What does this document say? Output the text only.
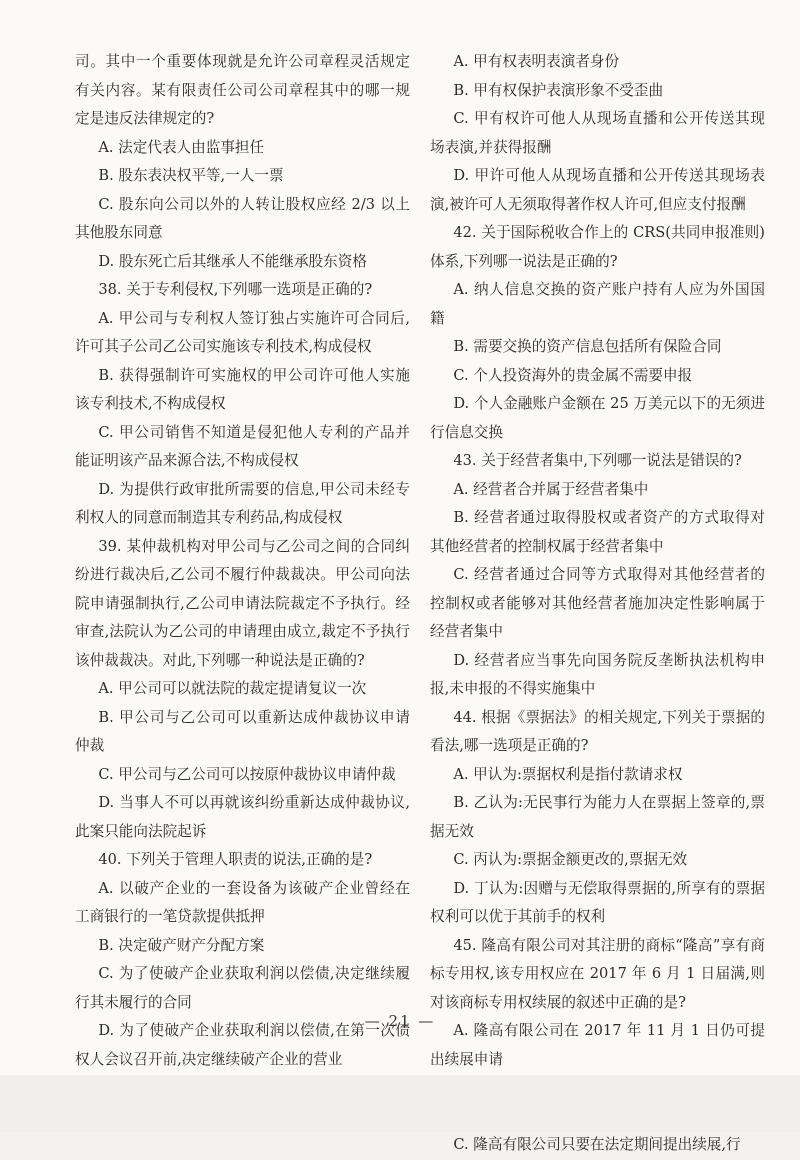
司。其中一个重要体现就是允许公司章程灵活规定有关内容。某有限责任公司公司章程其中的哪一规定是违反法律规定的?

A. 法定代表人由监事担任

B. 股东表决权平等,一人一票

C. 股东向公司以外的人转让股权应经 2/3 以上其他股东同意

D. 股东死亡后其继承人不能继承股东资格

38. 关于专利侵权,下列哪一选项是正确的?

A. 甲公司与专利权人签订独占实施许可合同后,许可其子公司乙公司实施该专利技术,构成侵权

B. 获得强制许可实施权的甲公司许可他人实施该专利技术,不构成侵权

C. 甲公司销售不知道是侵犯他人专利的产品并能证明该产品来源合法,不构成侵权

D. 为提供行政审批所需要的信息,甲公司未经专利权人的同意而制造其专利药品,构成侵权

39. 某仲裁机构对甲公司与乙公司之间的合同纠纷进行裁决后,乙公司不履行仲裁裁决。甲公司向法院申请强制执行,乙公司申请法院裁定不予执行。经审查,法院认为乙公司的申请理由成立,裁定不予执行该仲裁裁决。对此,下列哪一种说法是正确的?

A. 甲公司可以就法院的裁定提请复议一次

B. 甲公司与乙公司可以重新达成仲裁协议申请仲裁

C. 甲公司与乙公司可以按原仲裁协议申请仲裁

D. 当事人不可以再就该纠纷重新达成仲裁协议,此案只能向法院起诉

40. 下列关于管理人职责的说法,正确的是?

A. 以破产企业的一套设备为该破产企业曾经在工商银行的一笔贷款提供抵押

B. 决定破产财产分配方案

C. 为了使破产企业获取利润以偿债,决定继续履行其未履行的合同

D. 为了使破产企业获取利润以偿债,在第一次债权人会议召开前,决定继续破产企业的营业

A. 甲有权表明表演者身份

B. 甲有权保护表演形象不受歪曲

C. 甲有权许可他人从现场直播和公开传送其现场表演,并获得报酬

D. 甲许可他人从现场直播和公开传送其现场表演,被许可人无须取得著作权人许可,但应支付报酬

42. 关于国际税收合作上的 CRS(共同申报准则)体系,下列哪一说法是正确的?

A. 纳人信息交换的资产账户持有人应为外国国籍

B. 需要交换的资产信息包括所有保险合同

C. 个人投资海外的贵金属不需要申报

D. 个人金融账户金额在 25 万美元以下的无须进行信息交换

43. 关于经营者集中,下列哪一说法是错误的?

A. 经营者合并属于经营者集中

B. 经营者通过取得股权或者资产的方式取得对其他经营者的控制权属于经营者集中

C. 经营者通过合同等方式取得对其他经营者的控制权或者能够对其他经营者施加决定性影响属于经营者集中

D. 经营者应当事先向国务院反垄断执法机构申报,未申报的不得实施集中

44. 根据《票据法》的相关规定,下列关于票据的看法,哪一选项是正确的?

A. 甲认为:票据权利是指付款请求权

B. 乙认为:无民事行为能力人在票据上签章的,票据无效

C. 丙认为:票据金额更改的,票据无效

D. 丁认为:因赠与无偿取得票据的,所享有的票据权利可以优于其前手的权利

45. 隆高有限公司对其注册的商标“隆高”享有商标专用权,该专用权应在 2017 年 6 月 1 日届满,则对该商标专用权续展的叙述中正确的是?

A. 隆高有限公司在 2017 年 11 月 1 日仍可提出续展申请

C. 隆高有限公司只要在法定期间提出续展,行

— 21 —
